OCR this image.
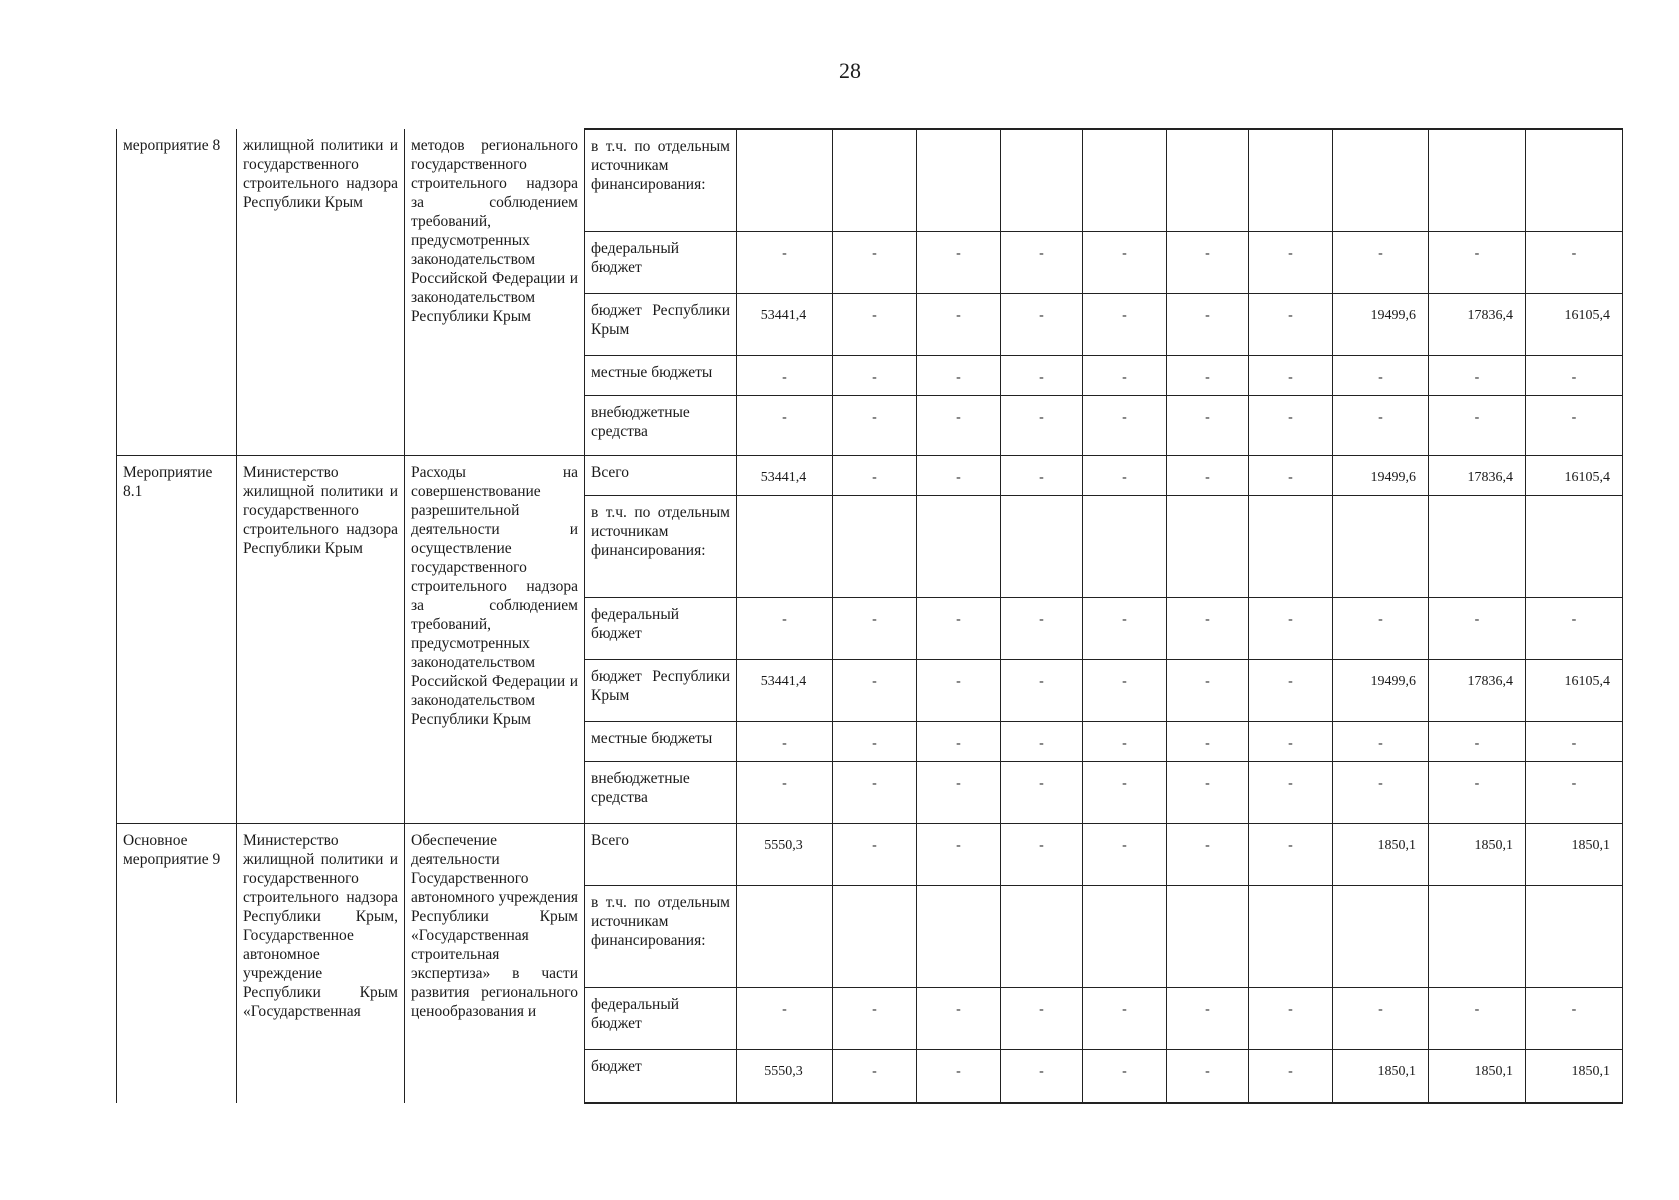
28
мероприятие 8	жилищной политики и государственного строительного надзора Республики Крым	методов регионального государственного строительного надзора за соблюдением требований, предусмотренных законодательством Российской Федерации и законодательством Республики Крым	в т.ч. по отдельным источникам финансирования:										

			федеральный бюджет	-	-	-	-	-	-	-	-	-	-

			бюджет Республики Крым	53441,4	-	-	-	-	-	-	19499,6	17836,4	16105,4

			местные бюджеты	-	-	-	-	-	-	-	-	-	-

			внебюджетные средства	-	-	-	-	-	-	-	-	-	-

Мероприятие 8.1	Министерство жилищной политики и государственного строительного надзора Республики Крым	Расходы на совершенствование разрешительной деятельности и осуществление государственного строительного надзора за соблюдением требований, предусмотренных законодательством Российской Федерации и законодательством Республики Крым	Всего	53441,4	-	-	-	-	-	-	19499,6	17836,4	16105,4

			в т.ч. по отдельным источникам финансирования:										

			федеральный бюджет	-	-	-	-	-	-	-	-	-	-

			бюджет Республики Крым	53441,4	-	-	-	-	-	-	19499,6	17836,4	16105,4

			местные бюджеты	-	-	-	-	-	-	-	-	-	-

			внебюджетные средства	-	-	-	-	-	-	-	-	-	-

Основное мероприятие 9	Министерство жилищной политики и государственного строительного надзора Республики Крым, Государственное автономное учреждение Республики Крым «Государственная	Обеспечение деятельности Государственного автономного учреждения Республики Крым «Государственная строительная экспертиза» в части развития регионального ценообразования и	Всего	5550,3	-	-	-	-	-	-	1850,1	1850,1	1850,1

			в т.ч. по отдельным источникам финансирования:										

			федеральный бюджет	-	-	-	-	-	-	-	-	-	-

			бюджет	5550,3	-	-	-	-	-	-	1850,1	1850,1	1850,1
